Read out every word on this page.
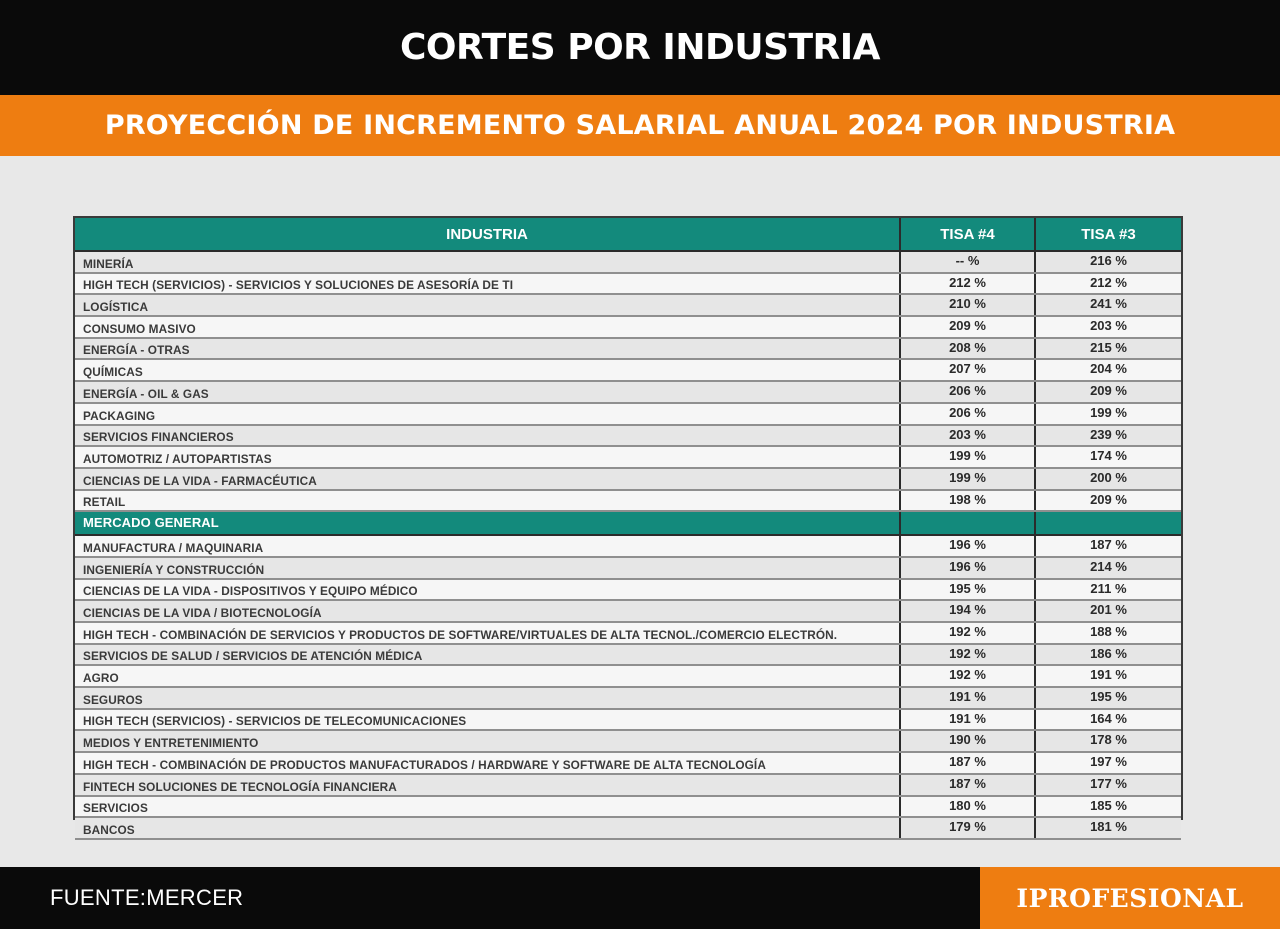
CORTES POR INDUSTRIA
PROYECCIÓN DE INCREMENTO SALARIAL ANUAL 2024 POR INDUSTRIA
INDUSTRIA	TISA #4	TISA #3
MINERÍA	-- %	216 %
HIGH TECH (SERVICIOS) - SERVICIOS Y SOLUCIONES DE ASESORÍA DE TI	212 %	212 %
LOGÍSTICA	210 %	241 %
CONSUMO MASIVO	209 %	203 %
ENERGÍA - OTRAS	208 %	215 %
QUÍMICAS	207 %	204 %
ENERGÍA - OIL & GAS	206 %	209 %
PACKAGING	206 %	199 %
SERVICIOS FINANCIEROS	203 %	239 %
AUTOMOTRIZ / AUTOPARTISTAS	199 %	174 %
CIENCIAS DE LA VIDA - FARMACÉUTICA	199 %	200 %
RETAIL	198 %	209 %
MERCADO GENERAL		
MANUFACTURA / MAQUINARIA	196 %	187 %
INGENIERÍA Y CONSTRUCCIÓN	196 %	214 %
CIENCIAS DE LA VIDA - DISPOSITIVOS Y EQUIPO MÉDICO	195 %	211 %
CIENCIAS DE LA VIDA / BIOTECNOLOGÍA	194 %	201 %
HIGH TECH - COMBINACIÓN DE SERVICIOS Y PRODUCTOS DE SOFTWARE/VIRTUALES DE ALTA TECNOL./COMERCIO ELECTRÓN.	192 %	188 %
SERVICIOS DE SALUD / SERVICIOS DE ATENCIÓN MÉDICA	192 %	186 %
AGRO	192 %	191 %
SEGUROS	191 %	195 %
HIGH TECH (SERVICIOS) - SERVICIOS DE TELECOMUNICACIONES	191 %	164 %
MEDIOS Y ENTRETENIMIENTO	190 %	178 %
HIGH TECH - COMBINACIÓN DE PRODUCTOS MANUFACTURADOS / HARDWARE Y SOFTWARE DE ALTA TECNOLOGÍA	187 %	197 %
FINTECH SOLUCIONES DE TECNOLOGÍA FINANCIERA	187 %	177 %
SERVICIOS	180 %	185 %
BANCOS	179 %	181 %
FUENTE:MERCER	IPROFESIONAL
